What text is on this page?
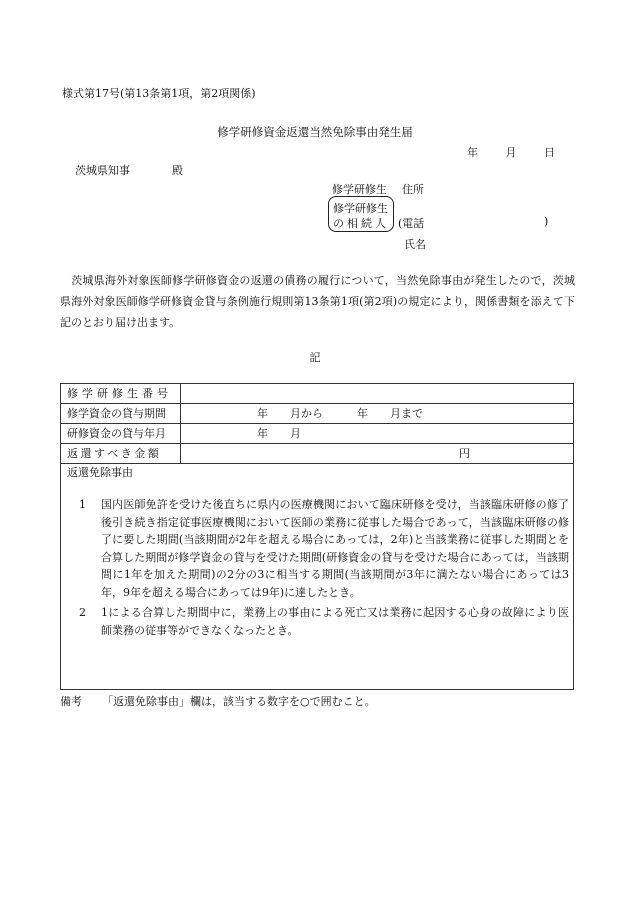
様式第17号(第13条第1項，第2項関係)
修学研修資金返還当然免除事由発生届
年	月	日
茨城県知事	殿
修学研修生 住所
修学研修生
の相続人 (電話	)
氏名
　茨城県海外対象医師修学研修資金の返還の債務の履行について，当然免除事由が発生したので，茨城県海外対象医師修学研修資金貸与条例施行規則第13条第1項(第2項)の規定により，関係書類を添えて下記のとおり届け出ます。
記
修学研修生番号
修学資金の貸与期間	年　　月から	年　　月まで
研修資金の貸与年月	年　　月
返還すべき金額	円
返還免除事由
1	国内医師免許を受けた後直ちに県内の医療機関において臨床研修を受け，当該臨床研修の修了後引き続き指定従事医療機関において医師の業務に従事した場合であって，当該臨床研修の修了に要した期間(当該期間が2年を超える場合にあっては，2年)と当該業務に従事した期間とを合算した期間が修学資金の貸与を受けた期間(研修資金の貸与を受けた場合にあっては，当該期間に1年を加えた期間)の2分の3に相当する期間(当該期間が3年に満たない場合にあっては3年，9年を超える場合にあっては9年)に達したとき。
2	1による合算した期間中に，業務上の事由による死亡又は業務に起因する心身の故障により医師業務の従事等ができなくなったとき。
備考 「返還免除事由」欄は，該当する数字を○で囲むこと。
